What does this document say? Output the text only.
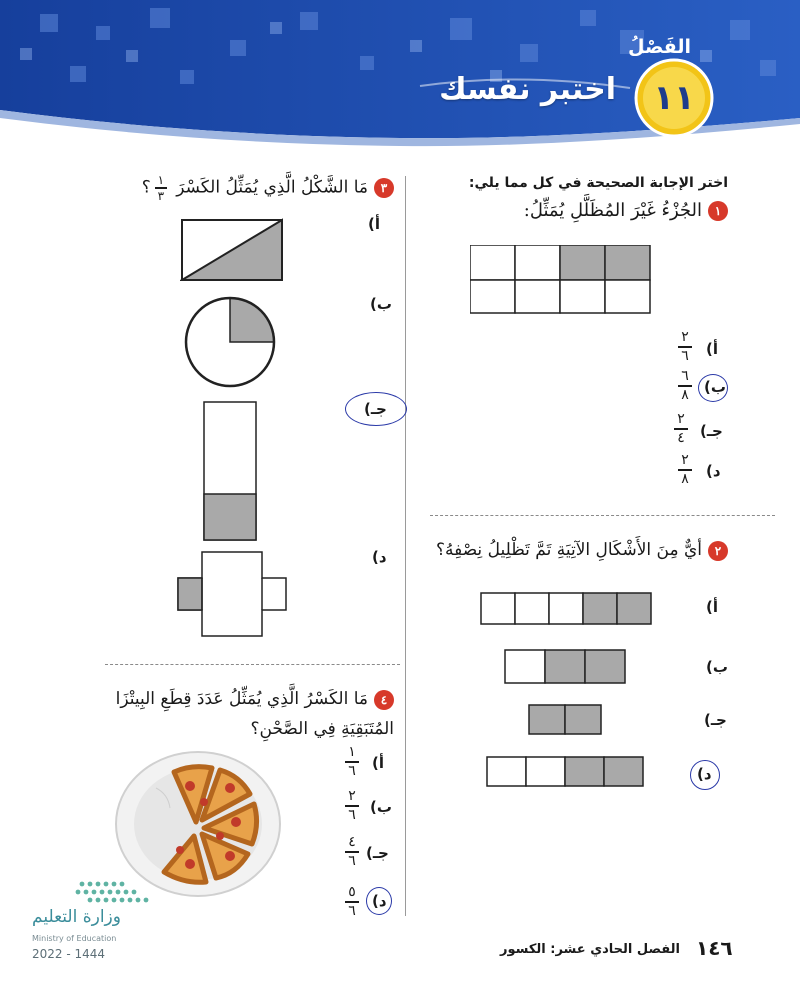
الفَصْلُ
١١
اختبر نفسك
اختر الإجابة الصحيحة في كل مما يلي:
١الجُزْءُ غَيْرَ المُظَلَّلِ يُمَثِّلُ:
أ)
٢
٦
ب)
٦
٨
جـ)
٢
٤
د)
٢
٨
٢أيٌّ مِنَ الأَشْكَالِ الآتِيَةِ تَمَّ تَظْلِيلُ نِصْفِهُ؟
أ)
ب)
جـ)
د)
٣مَا الشَّكْلُ الَّذِي يُمَثِّلُ الكَسْرَ
١
٣
؟
أ)
ب)
جـ)
د)
٤مَا الكَسْرُ الَّذِي يُمَثِّلُ عَدَدَ قِطَعِ البِيتْزَا
المُتَبَقِيَةِ فِي الصَّحْنِ؟
أ)
١
٦
ب)
٢
٦
جـ)
٤
٦
د)
٥
٦
وزارة التعليم
Ministry of Education
2022 - 1444	الفصل الحادي عشر: الكسور ١٤٦
